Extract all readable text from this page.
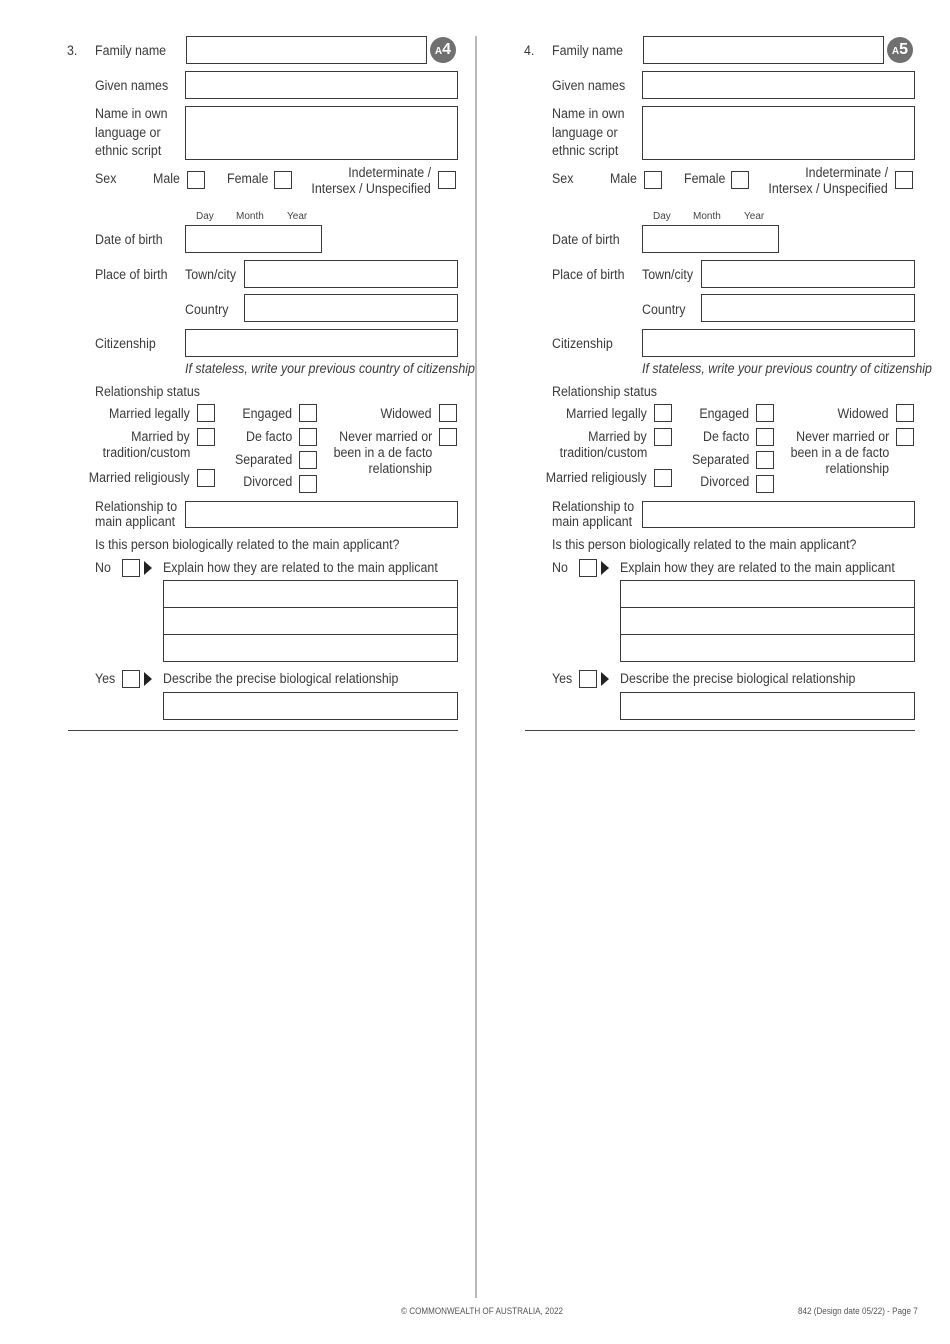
3. Family name	A4
Given names
Name in own
language or
ethnic script
Sex	Male	Female	Indeterminate /
Intersex / Unspecified
Day Month Year
Date of birth
Place of birth Town/city
Country
Citizenship
If stateless, write your previous country of citizenship
Relationship status
Married legally
Married by
tradition/custom
Married religiously
Engaged
De facto
Separated
Divorced
Widowed
Never married or
been in a de facto
relationship
Relationship to
main applicant
Is this person biologically related to the main applicant?
No	Explain how they are related to the main applicant
Yes	Describe the precise biological relationship
4. Family name	A5
Given names
Name in own
language or
ethnic script
Sex	Male	Female	Indeterminate /
Intersex / Unspecified
Day Month Year
Date of birth
Place of birth Town/city
Country
Citizenship
If stateless, write your previous country of citizenship
Relationship status
Married legally
Married by
tradition/custom
Married religiously
Engaged
De facto
Separated
Divorced
Widowed
Never married or
been in a de facto
relationship
Relationship to
main applicant
Is this person biologically related to the main applicant?
No	Explain how they are related to the main applicant
Yes	Describe the precise biological relationship
© COMMONWEALTH OF AUSTRALIA, 2022	842 (Design date 05/22) - Page 7
